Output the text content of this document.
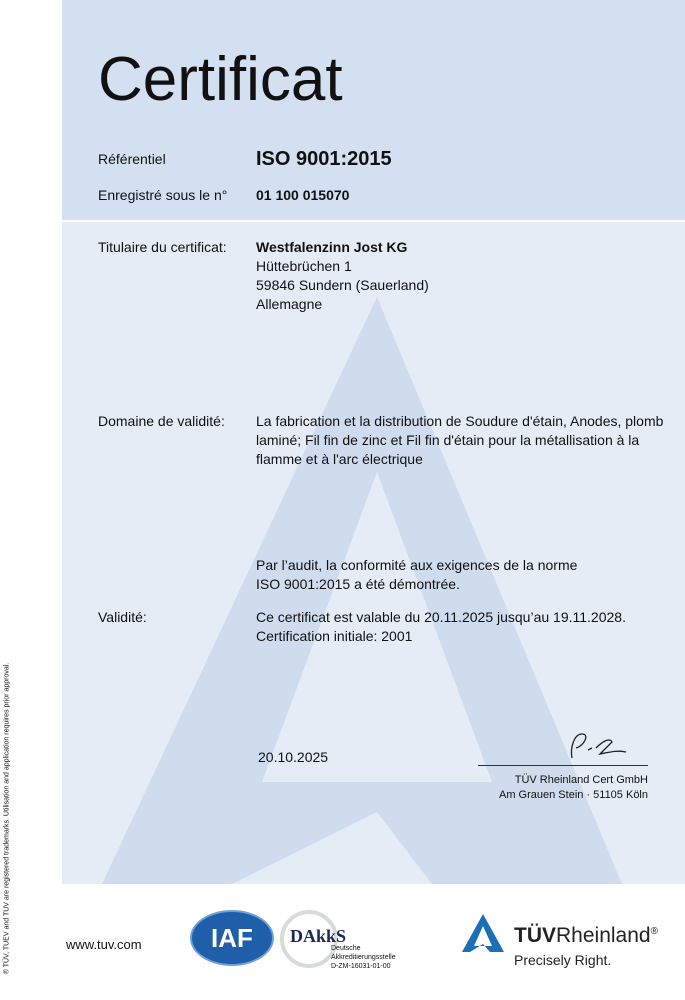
Certificat
Référentiel	ISO 9001:2015
Enregistré sous le n° 01 100 015070
Titulaire du certificat: Westfalenzinn Jost KG
Hüttebrüchen 1
59846 Sundern (Sauerland)
Allemagne
Domaine de validité: La fabrication et la distribution de Soudure d'étain, Anodes, plomb
laminé; Fil fin de zinc et Fil fin d'étain pour la métallisation à la
flamme et à l'arc électrique
Par l’audit, la conformité aux exigences de la norme
ISO 9001:2015 a été démontrée.
Validité:	Ce certificat est valable du 20.11.2025 jusqu’au 19.11.2028.
Certification initiale: 2001
20.10.2025
TÜV Rheinland Cert GmbH
Am Grauen Stein · 51105 Köln
® TÜV, TUEV and TUV are registered trademarks. Utilisation and application requires prior approval.	www.tuv.com	IAF	DAkkS
Deutsche
Akkreditierungsstelle
D-ZM-16031-01-00
TÜVRheinland®
Precisely Right.
